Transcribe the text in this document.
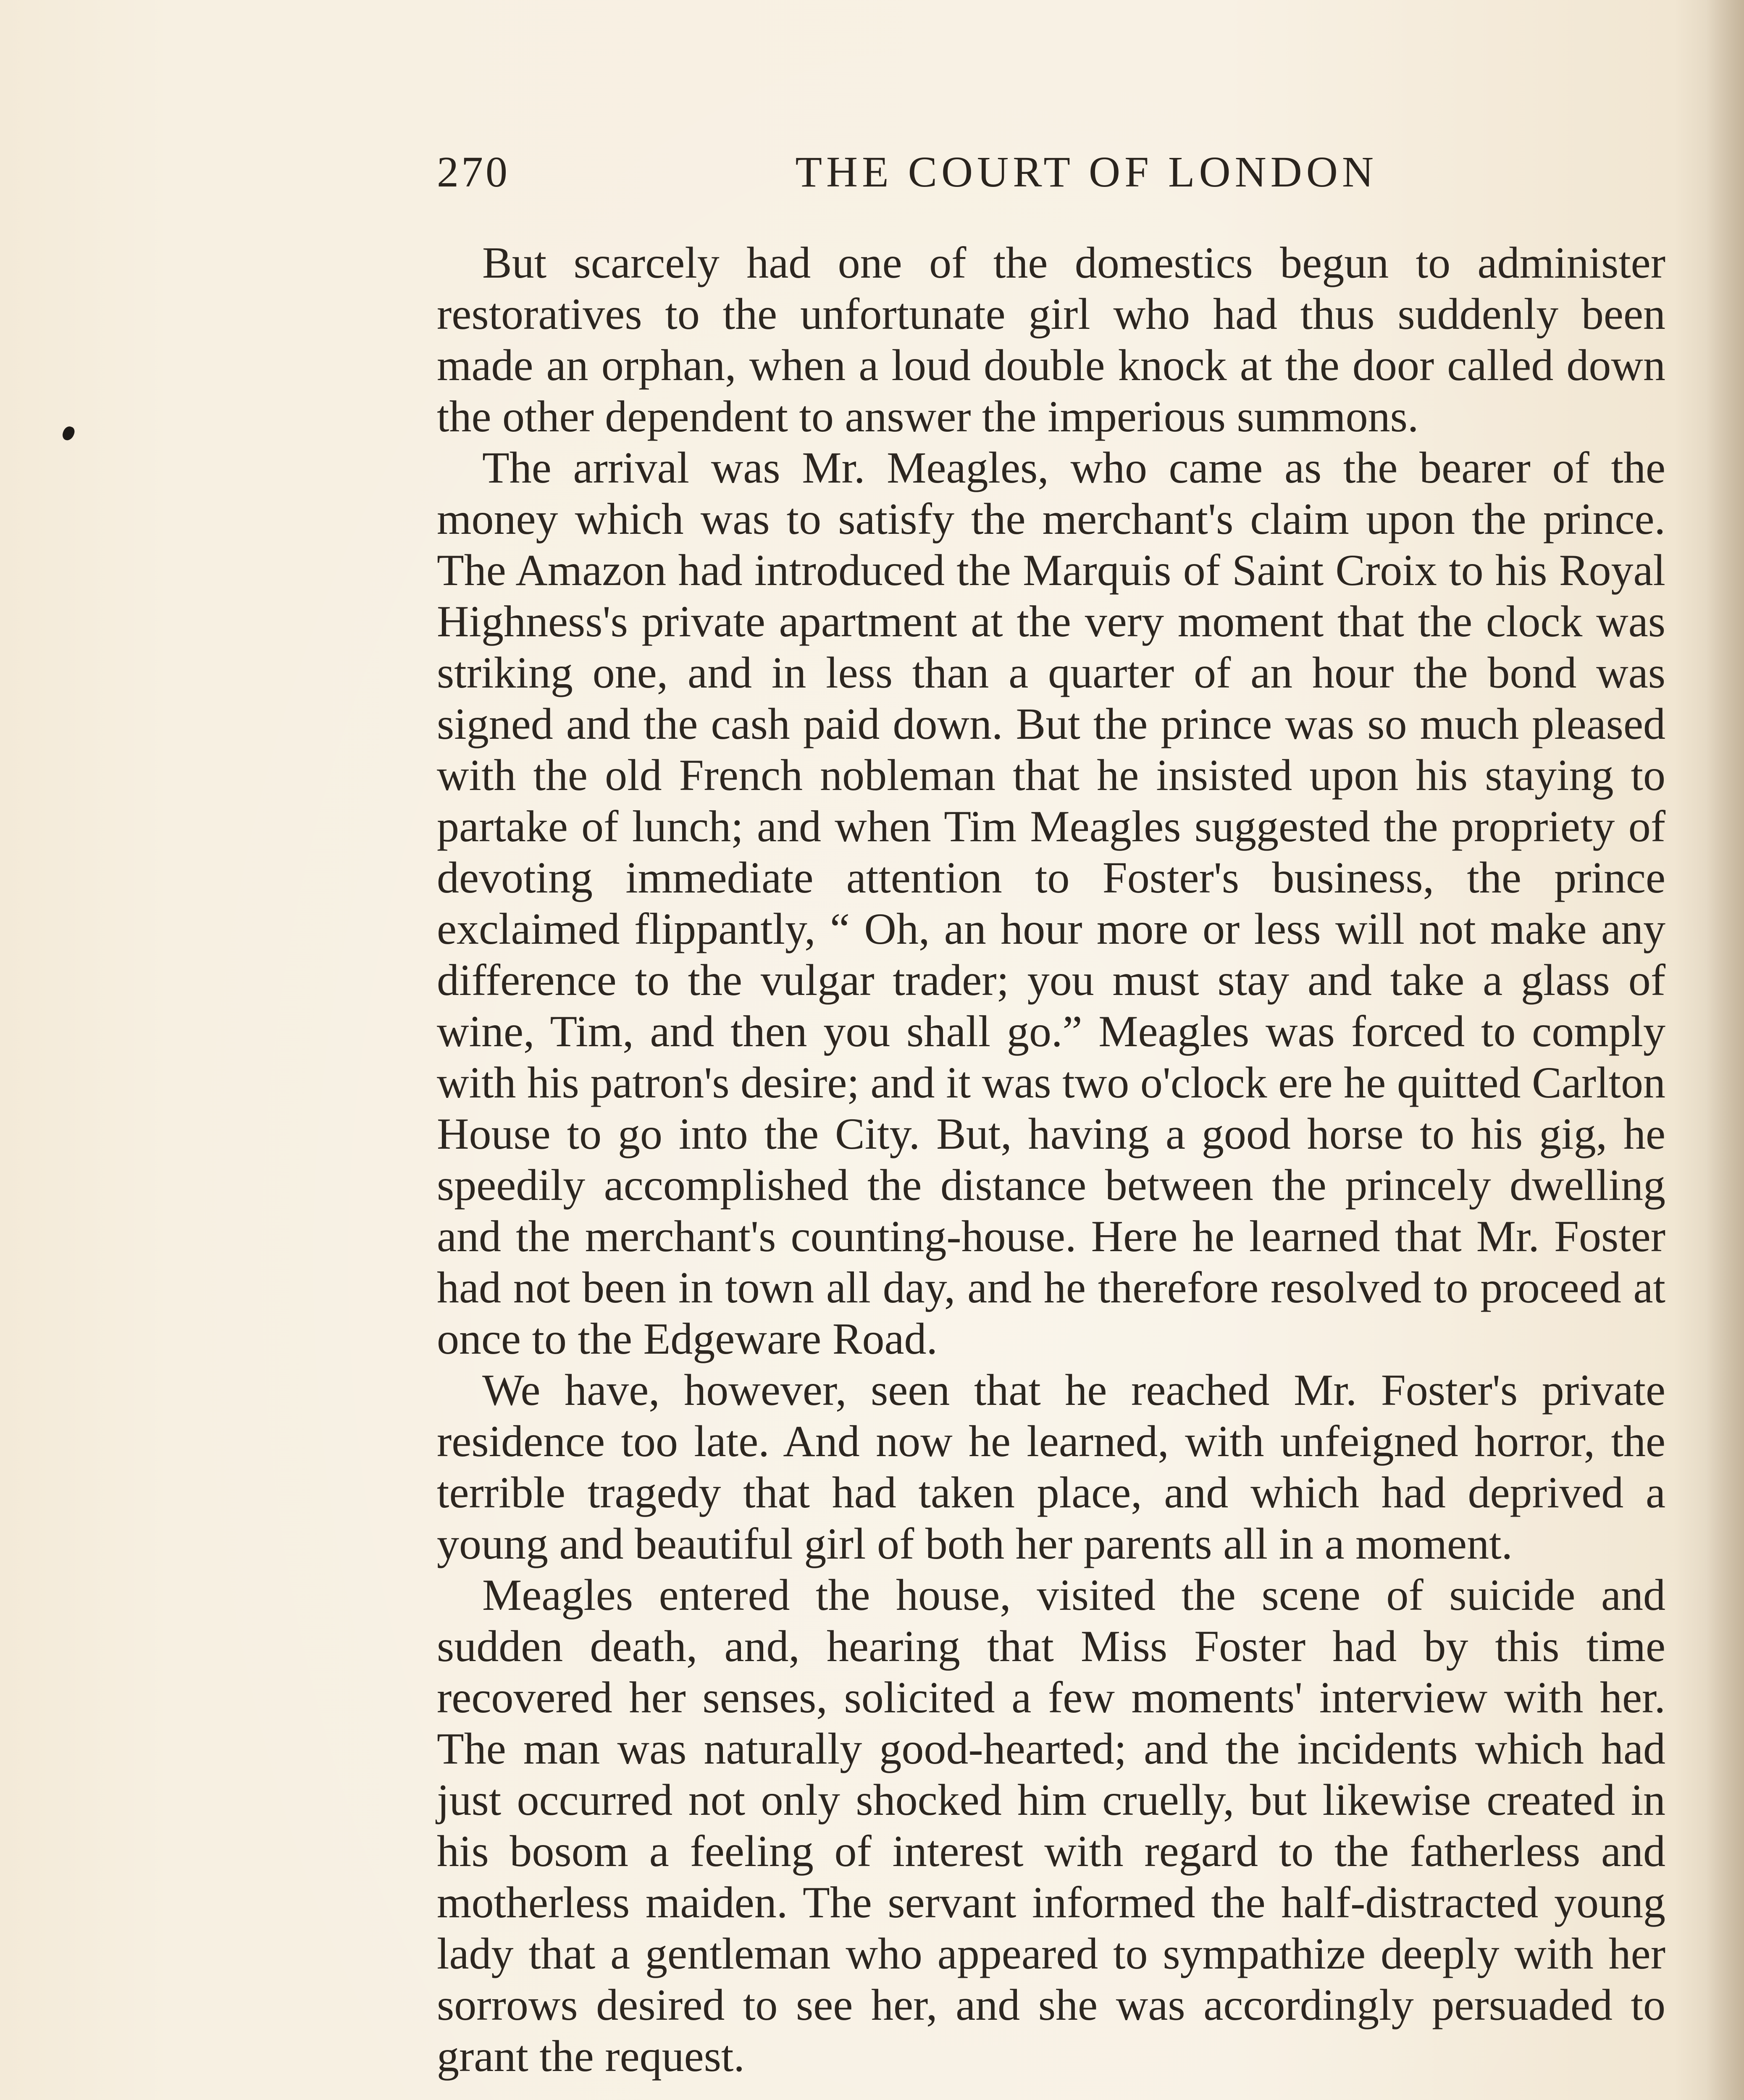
270	THE COURT OF LONDON

But scarcely had one of the domestics begun to administer restoratives to the unfortunate girl who had thus suddenly been made an orphan, when a loud double knock at the door called down the other dependent to answer the imperious summons.

The arrival was Mr. Meagles, who came as the bearer of the money which was to satisfy the merchant's claim upon the prince. The Amazon had introduced the Marquis of Saint Croix to his Royal Highness's private apartment at the very moment that the clock was striking one, and in less than a quarter of an hour the bond was signed and the cash paid down. But the prince was so much pleased with the old French nobleman that he insisted upon his staying to partake of lunch; and when Tim Meagles suggested the propriety of devoting immediate attention to Foster's business, the prince exclaimed flippantly, “ Oh, an hour more or less will not make any difference to the vulgar trader; you must stay and take a glass of wine, Tim, and then you shall go.” Meagles was forced to comply with his patron's desire; and it was two o'clock ere he quitted Carlton House to go into the City. But, having a good horse to his gig, he speedily accomplished the distance between the princely dwelling and the merchant's counting-house. Here he learned that Mr. Foster had not been in town all day, and he therefore resolved to proceed at once to the Edgeware Road.

We have, however, seen that he reached Mr. Foster's private residence too late. And now he learned, with unfeigned horror, the terrible tragedy that had taken place, and which had deprived a young and beautiful girl of both her parents all in a moment.

Meagles entered the house, visited the scene of suicide and sudden death, and, hearing that Miss Foster had by this time recovered her senses, solicited a few moments' interview with her. The man was naturally good-hearted; and the incidents which had just occurred not only shocked him cruelly, but likewise created in his bosom a feeling of interest with regard to the fatherless and motherless maiden. The servant informed the half-distracted young lady that a gentleman who appeared to sympathize deeply with her sorrows desired to see her, and she was accordingly persuaded to grant the request.
